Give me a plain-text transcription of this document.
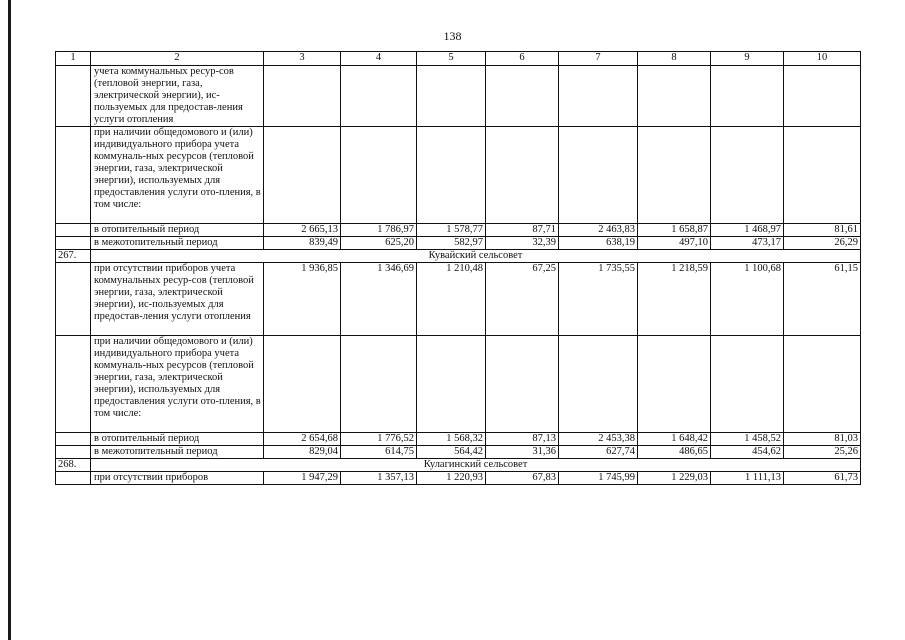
138
1	2	3	4	5	6	7	8	9	10
	учета коммунальных ресур-сов (тепловой энергии, газа, электрической энергии), ис-пользуемых для предостав-ления услуги отопления								
	при наличии общедомового и (или) индивидуального прибора учета коммуналь-ных ресурсов (тепловой энергии, газа, электрической энергии), используемых для предоставления услуги ото-пления, в том числе:								
	в отопительный период	2 665,13	1 786,97	1 578,77	87,71	2 463,83	1 658,87	1 468,97	81,61
	в межотопительный период	839,49	625,20	582,97	32,39	638,19	497,10	473,17	26,29
267.	Кувайский сельсовет								
	при отсутствии приборов учета коммунальных ресур-сов (тепловой энергии, газа, электрической энергии), ис-пользуемых для предостав-ления услуги отопления	1 936,85	1 346,69	1 210,48	67,25	1 735,55	1 218,59	1 100,68	61,15
	при наличии общедомового и (или) индивидуального прибора учета коммуналь-ных ресурсов (тепловой энергии, газа, электрической энергии), используемых для предоставления услуги ото-пления, в том числе:								
	в отопительный период	2 654,68	1 776,52	1 568,32	87,13	2 453,38	1 648,42	1 458,52	81,03
	в межотопительный период	829,04	614,75	564,42	31,36	627,74	486,65	454,62	25,26
268.	Кулагинский сельсовет								
	при отсутствии приборов	1 947,29	1 357,13	1 220,93	67,83	1 745,99	1 229,03	1 111,13	61,73
